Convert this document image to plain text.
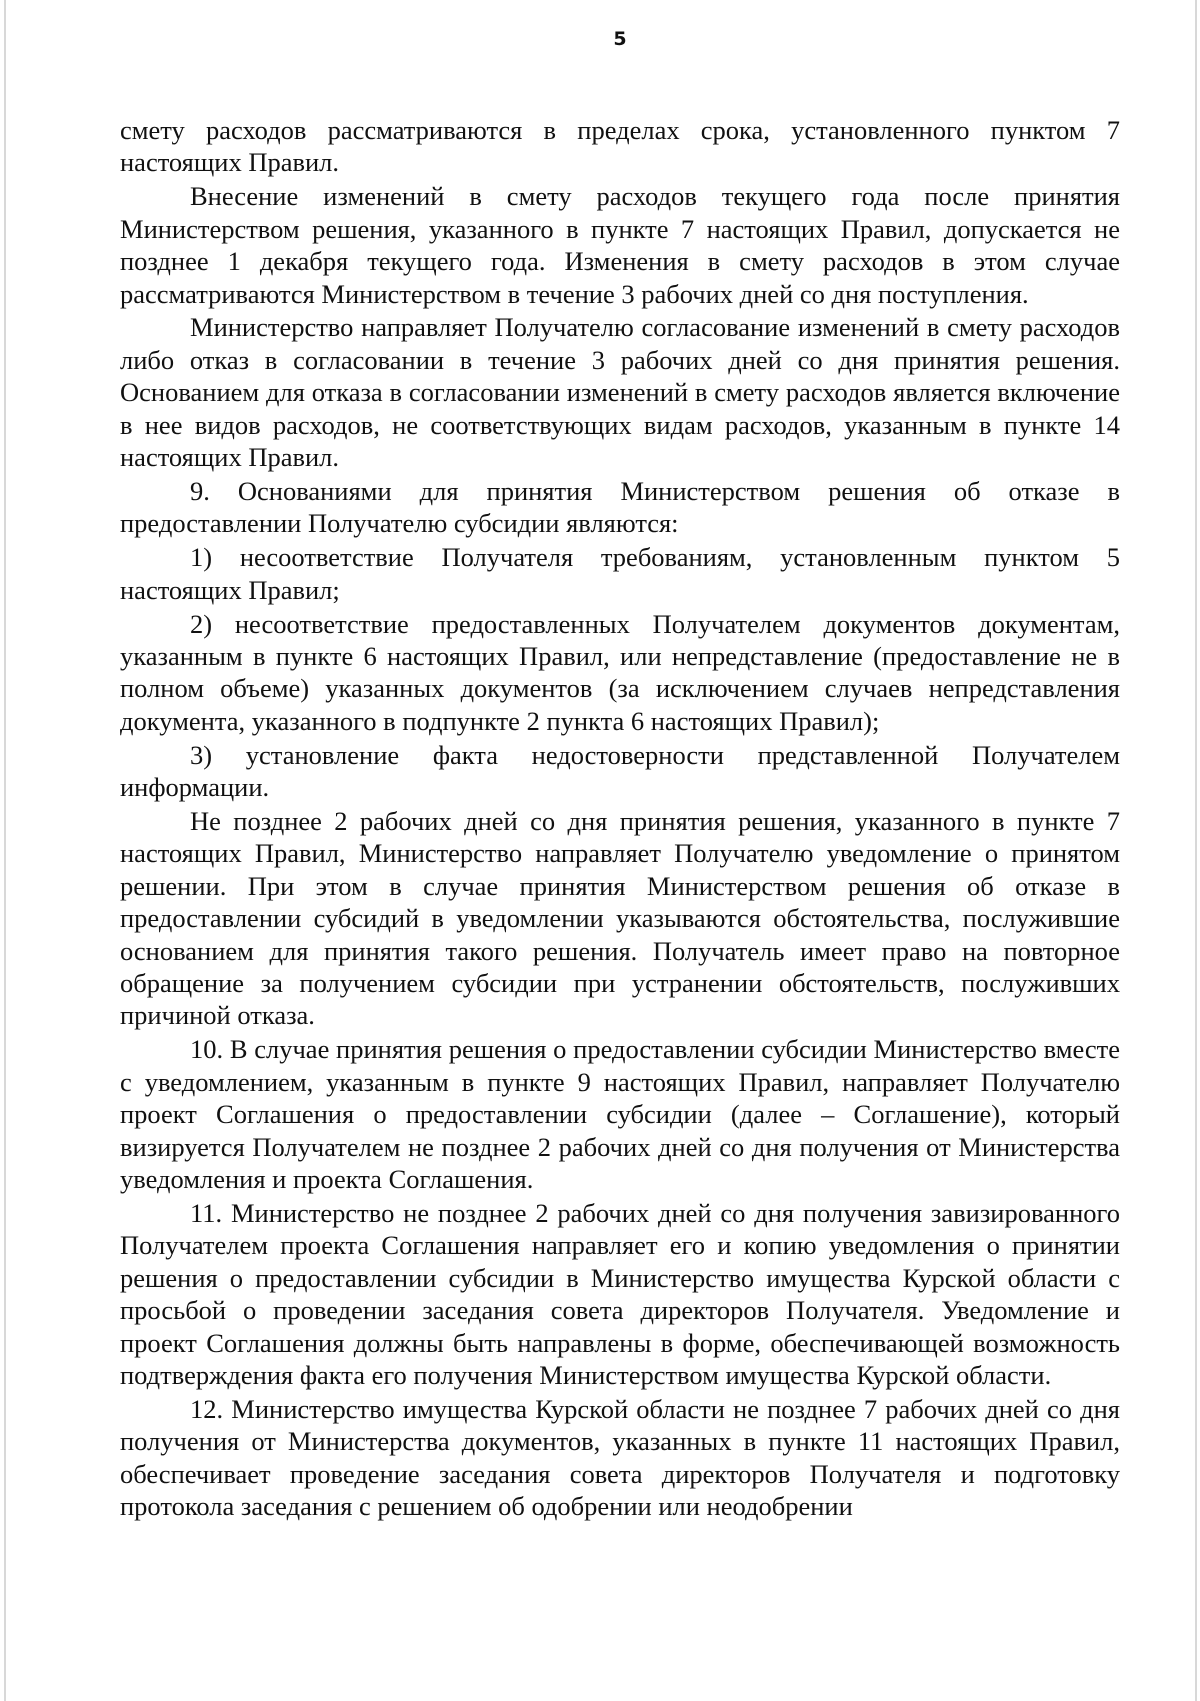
5

смету расходов рассматриваются в пределах срока, установленного пунктом 7 настоящих Правил.

Внесение изменений в смету расходов текущего года после принятия Министерством решения, указанного в пункте 7 настоящих Правил, допускается не позднее 1 декабря текущего года. Изменения в смету расходов в этом случае рассматриваются Министерством в течение 3 рабочих дней со дня поступления.

Министерство направляет Получателю согласование изменений в смету расходов либо отказ в согласовании в течение 3 рабочих дней со дня принятия решения. Основанием для отказа в согласовании изменений в смету расходов является включение в нее видов расходов, не соответствующих видам расходов, указанным в пункте 14 настоящих Правил.

9. Основаниями для принятия Министерством решения об отказе в предоставлении Получателю субсидии являются:

1) несоответствие Получателя требованиям, установленным пунктом 5 настоящих Правил;

2) несоответствие предоставленных Получателем документов документам, указанным в пункте 6 настоящих Правил, или непредставление (предоставление не в полном объеме) указанных документов (за исключением случаев непредставления документа, указанного в подпункте 2 пункта 6 настоящих Правил);

3) установление факта недостоверности представленной Получателем информации.

Не позднее 2 рабочих дней со дня принятия решения, указанного в пункте 7 настоящих Правил, Министерство направляет Получателю уведомление о принятом решении. При этом в случае принятия Министерством решения об отказе в предоставлении субсидий в уведомлении указываются обстоятельства, послужившие основанием для принятия такого решения. Получатель имеет право на повторное обращение за получением субсидии при устранении обстоятельств, послуживших причиной отказа.

10. В случае принятия решения о предоставлении субсидии Министерство вместе с уведомлением, указанным в пункте 9 настоящих Правил, направляет Получателю проект Соглашения о предоставлении субсидии (далее – Соглашение), который визируется Получателем не позднее 2 рабочих дней со дня получения от Министерства уведомления и проекта Соглашения.

11. Министерство не позднее 2 рабочих дней со дня получения завизированного Получателем проекта Соглашения направляет его и копию уведомления о принятии решения о предоставлении субсидии в Министерство имущества Курской области с просьбой о проведении заседания совета директоров Получателя. Уведомление и проект Соглашения должны быть направлены в форме, обеспечивающей возможность подтверждения факта его получения Министерством имущества Курской области.

12. Министерство имущества Курской области не позднее 7 рабочих дней со дня получения от Министерства документов, указанных в пункте 11 настоящих Правил, обеспечивает проведение заседания совета директоров Получателя и подготовку протокола заседания с решением об одобрении или неодобрении
